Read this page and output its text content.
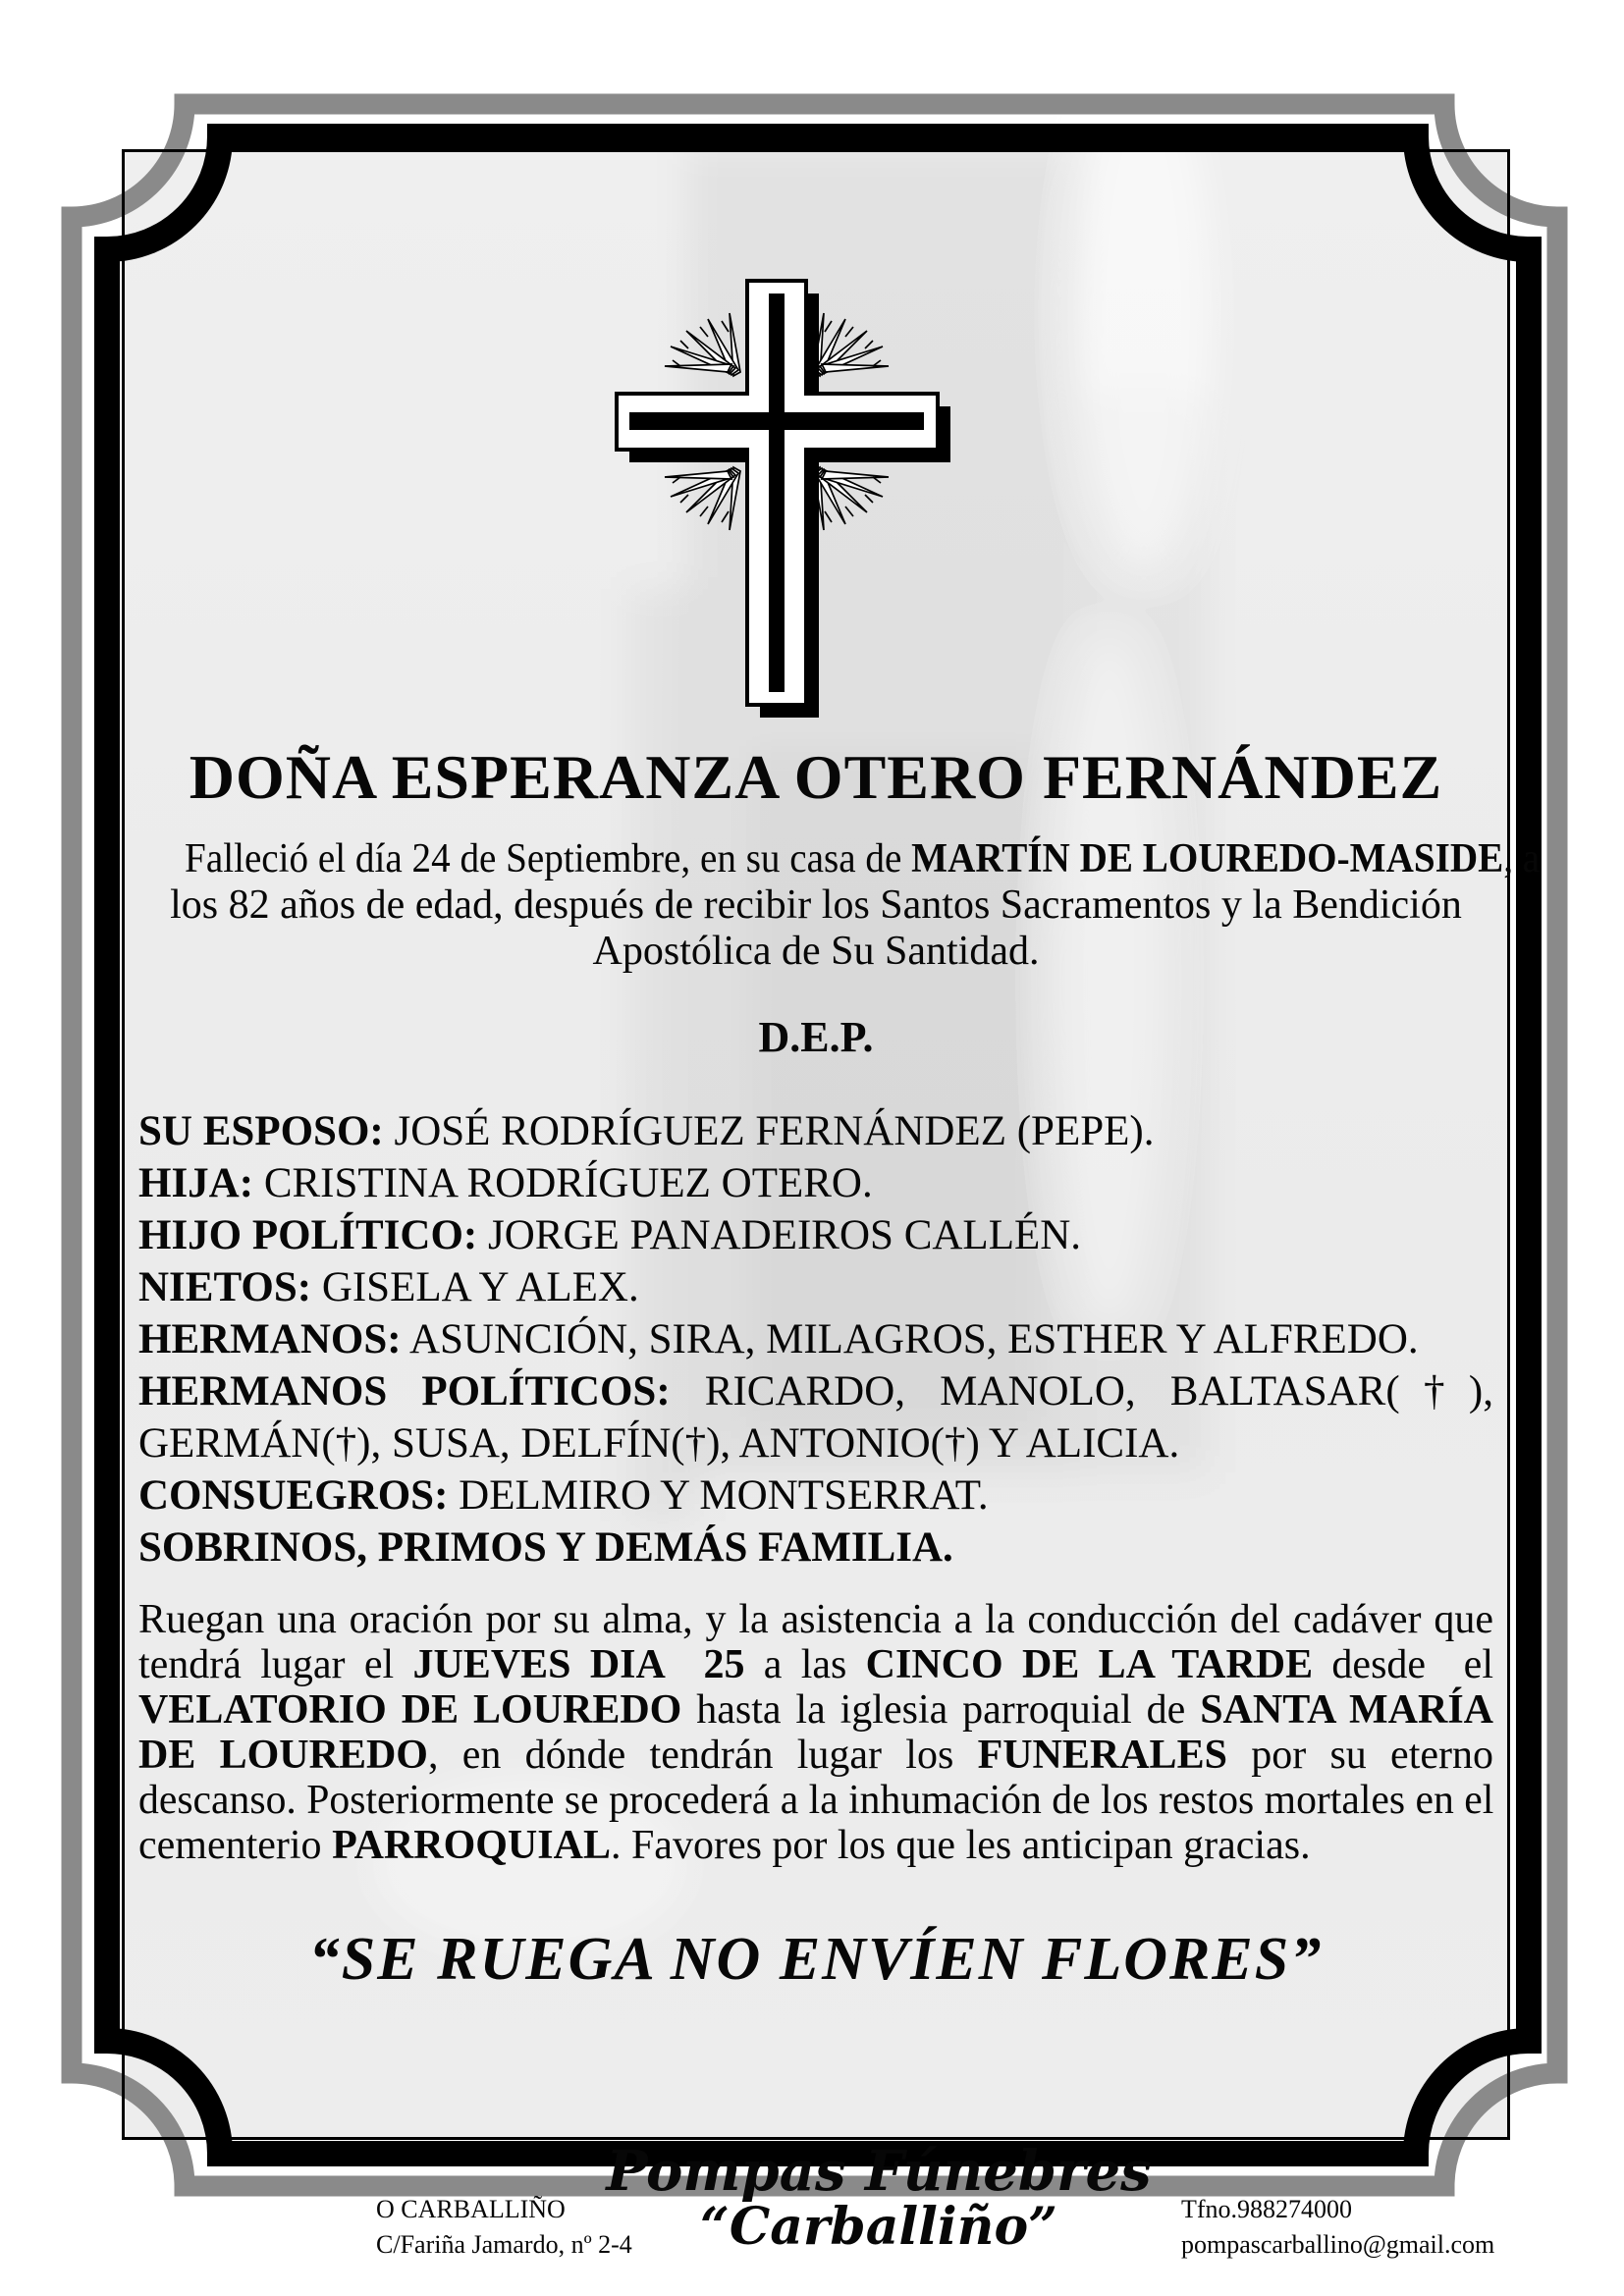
DOÑA ESPERANZA OTERO FERNÁNDEZ
Falleció el día 24 de Septiembre, en su casa de MARTÍN DE LOUREDO-MASIDE, a
los 82 años de edad, después de recibir los Santos Sacramentos y la Bendición
Apostólica de Su Santidad.

D.E.P.

SU ESPOSO: JOSÉ RODRÍGUEZ FERNÁNDEZ (PEPE).
HIJA: CRISTINA RODRÍGUEZ OTERO.
HIJO POLÍTICO: JORGE PANADEIROS CALLÉN.
NIETOS: GISELA Y ALEX.
HERMANOS: ASUNCIÓN, SIRA, MILAGROS, ESTHER Y ALFREDO.
HERMANOS POLÍTICOS: RICARDO, MANOLO, BALTASAR(†),
GERMÁN(†), SUSA, DELFÍN(†), ANTONIO(†) Y ALICIA.
CONSUEGROS: DELMIRO Y MONTSERRAT.
SOBRINOS, PRIMOS Y DEMÁS FAMILIA.
Ruegan una oración por su alma, y la asistencia a la conducción del cadáver que
tendrá lugar el JUEVES DIA  25 a las CINCO DE LA TARDE desde  el
VELATORIO DE LOUREDO hasta la iglesia parroquial de SANTA MARÍA
DE LOUREDO, en dónde tendrán lugar los FUNERALES por su eterno
descanso. Posteriormente se procederá a la inhumación de los restos mortales en el
cementerio PARROQUIAL. Favores por los que les anticipan gracias.

“SE RUEGA NO ENVÍEN FLORES”

Pompas Fúnebres
“Carballiño”
O CARBALLIÑO
C/Fariña Jamardo, nº 2-4
Tfno.988274000
pompascarballino@gmail.com
